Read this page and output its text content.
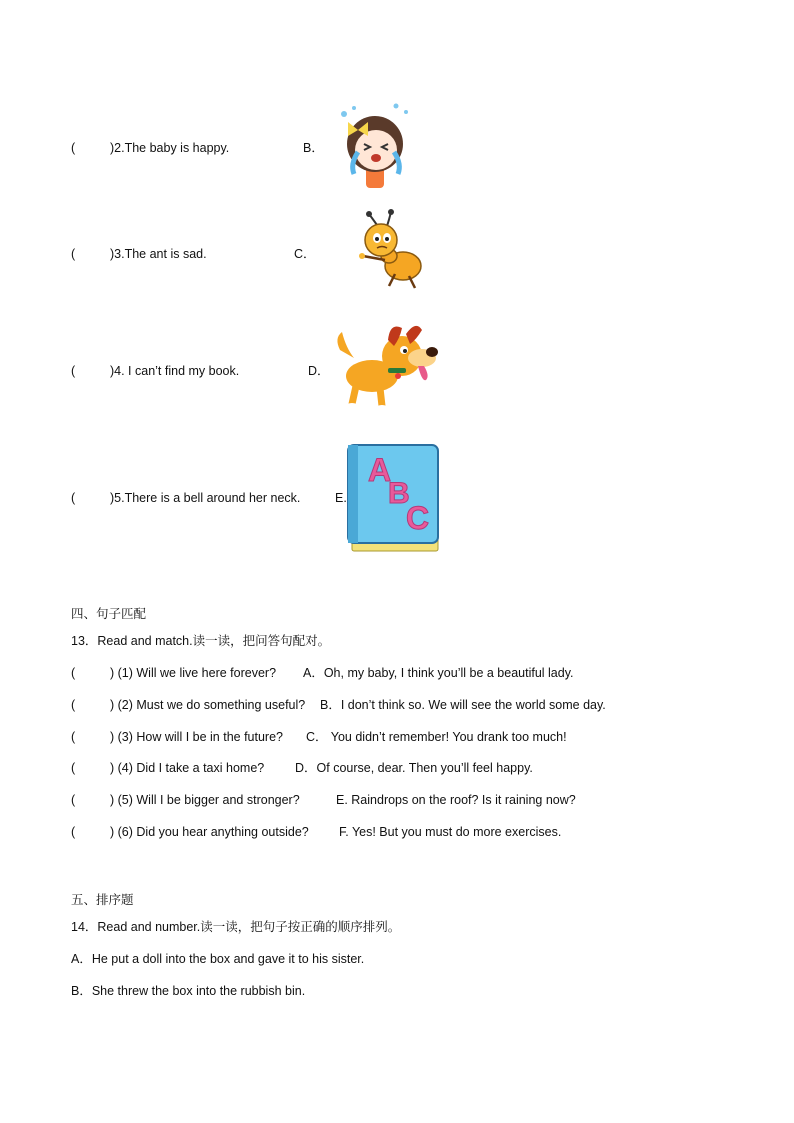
(	)2.The baby is happy.	B．
(	)3.The ant is sad.	C．
(	)4. I can’t find my book.	D．
(	)5.There is a bell around her neck.	E.
A
B
C
四、句子匹配
13．Read and match.读一读，把问答句配对。
(	) (1) Will we live here forever? A．Oh, my baby, I think you’ll be a beautiful lady.
(	) (2) Must we do something useful? B．I don’t think so. We will see the world some day.
(	) (3) How will I be in the future? C． You didn’t remember! You drank too much!
(	) (4) Did I take a taxi home? D．Of course, dear. Then you’ll feel happy.
(	) (5) Will I be bigger and stronger?	E. Raindrops on the roof? Is it raining now?
(	) (6) Did you hear anything outside? F. Yes! But you must do more exercises.
五、排序题
14．Read and number.读一读，把句子按正确的顺序排列。
A．He put a doll into the box and gave it to his sister.
B．She threw the box into the rubbish bin.
